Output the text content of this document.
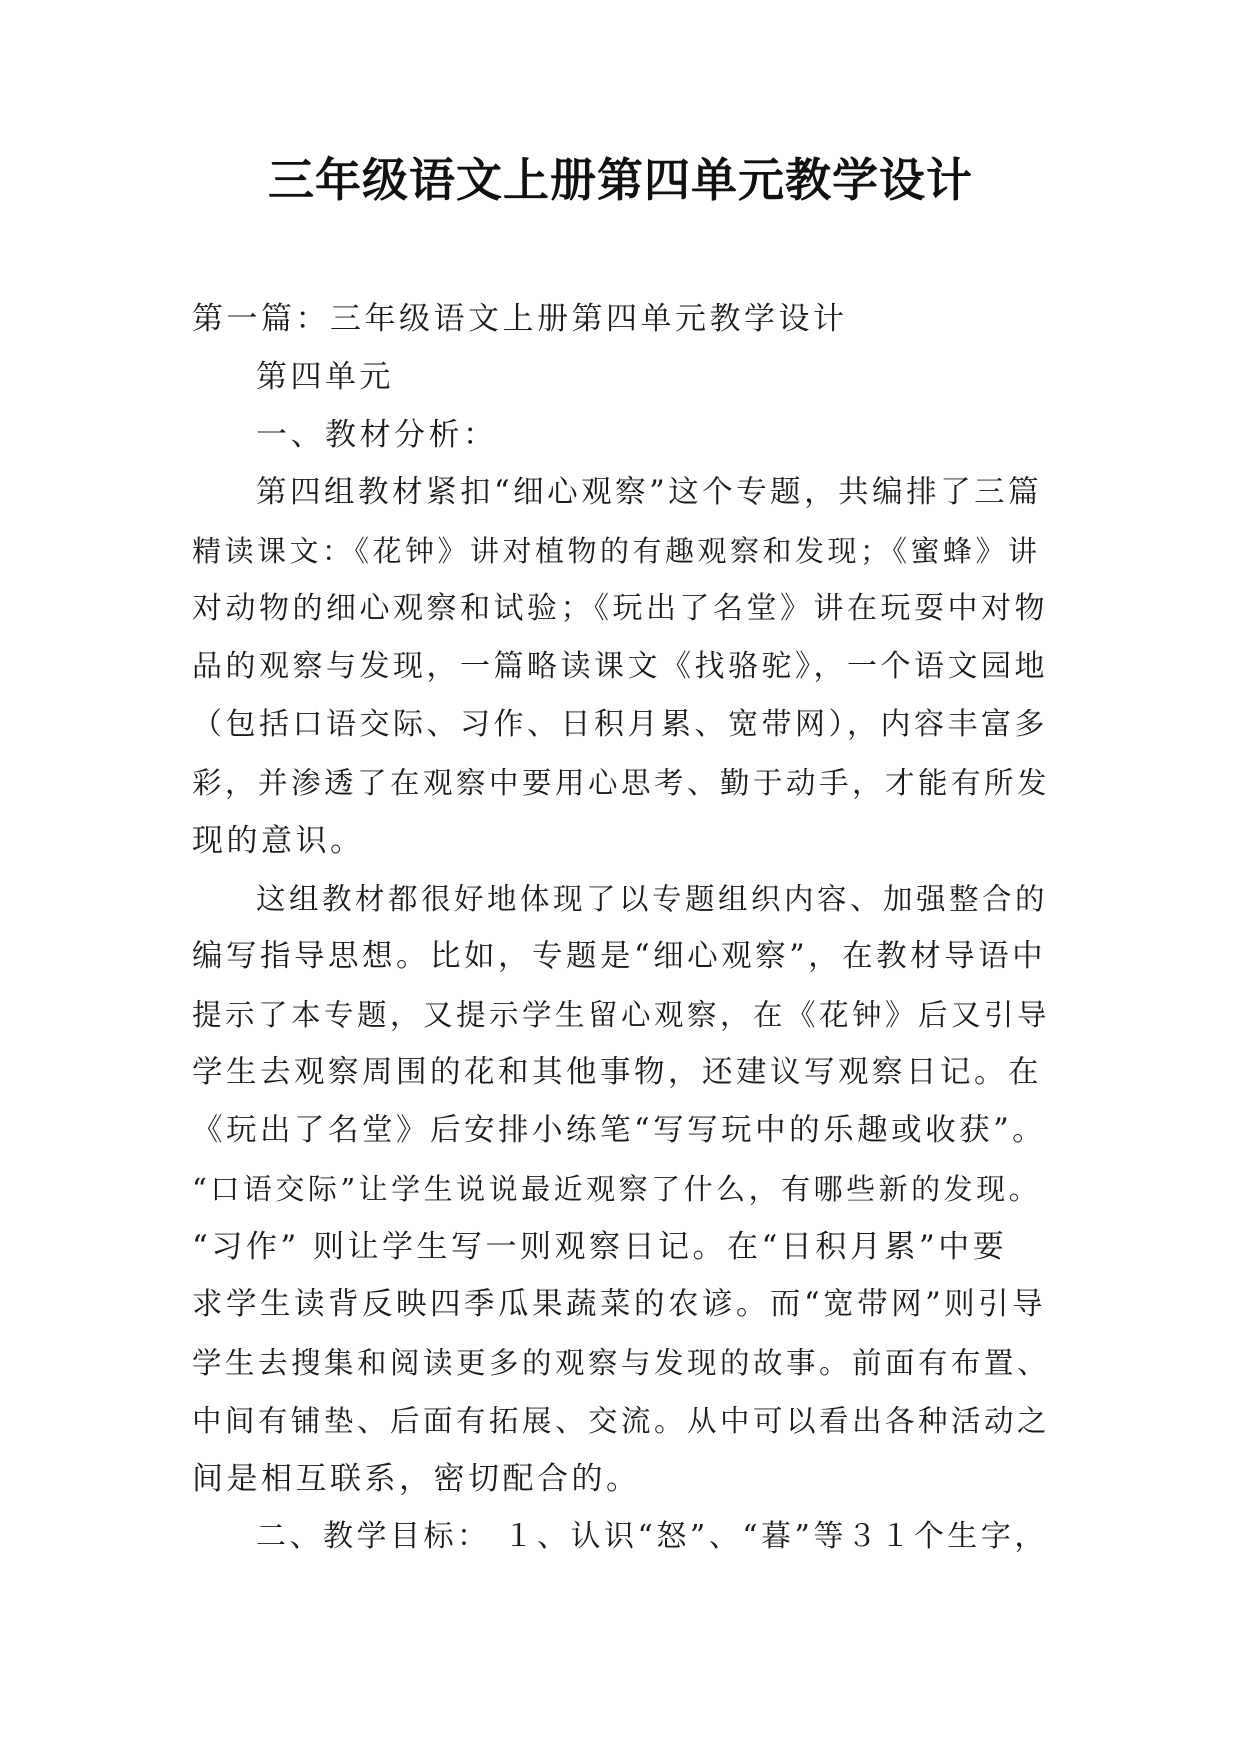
三年级语文上册第四单元教学设计
第一篇：三年级语文上册第四单元教学设计
第四单元
一、教材分析：
第四组教材紧扣“细心观察”这个专题，共编排了三篇
精读课文：《花钟》讲对植物的有趣观察和发现；《蜜蜂》讲
对动物的细心观察和试验；《玩出了名堂》讲在玩耍中对物
品的观察与发现，一篇略读课文《找骆驼》，一个语文园地
（包括口语交际、习作、日积月累、宽带网），内容丰富多
彩，并渗透了在观察中要用心思考、勤于动手，才能有所发
现的意识。
这组教材都很好地体现了以专题组织内容、加强整合的
编写指导思想。比如，专题是“细心观察”，在教材导语中
提示了本专题，又提示学生留心观察，在《花钟》后又引导
学生去观察周围的花和其他事物，还建议写观察日记。在
《玩出了名堂》后安排小练笔“写写玩中的乐趣或收获”。
“口语交际”让学生说说最近观察了什么，有哪些新的发现。
“习作” 则让学生写一则观察日记。在“日积月累”中要
求学生读背反映四季瓜果蔬菜的农谚。而“宽带网”则引导
学生去搜集和阅读更多的观察与发现的故事。前面有布置、
中间有铺垫、后面有拓展、交流。从中可以看出各种活动之
间是相互联系，密切配合的。
二、教学目标： １、认识“怒”、“暮”等３１个生字，
